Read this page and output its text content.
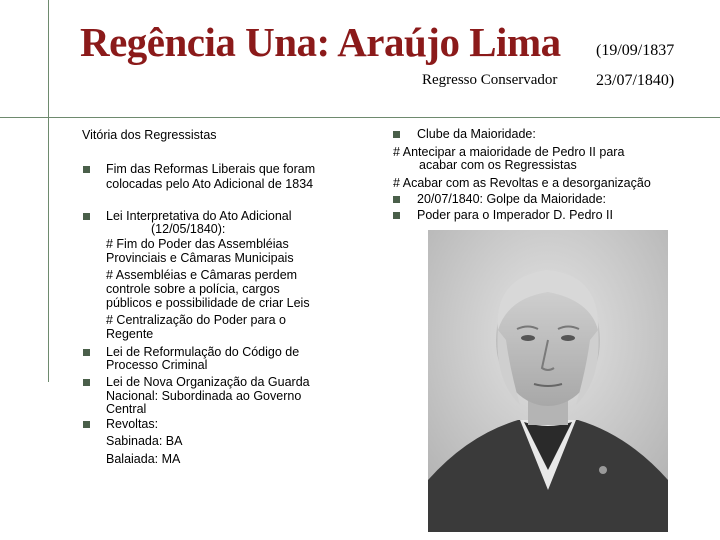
Regência Una: Araújo Lima (19/09/1837
Regresso Conservador 23/07/1840)
Vitória dos Regressistas
Fim das Reformas Liberais que foram
colocadas pelo Ato Adicional de 1834
Lei Interpretativa do Ato Adicional
(12/05/1840):
# Fim do Poder das Assembléias
Provinciais e Câmaras Municipais
# Assembléias e Câmaras perdem
controle sobre a polícia, cargos
públicos e possibilidade de criar Leis
# Centralização do Poder para o
Regente
Lei de Reformulação do Código de
Processo Criminal
Lei de Nova Organização da Guarda
Nacional: Subordinada ao Governo
Central
Revoltas:
Sabinada: BA
Balaiada: MA
Clube da Maioridade:
# Antecipar a maioridade de Pedro II para
acabar com os Regressistas
# Acabar com as Revoltas e a desorganização
20/07/1840: Golpe da Maioridade:
Poder para o Imperador D. Pedro II
